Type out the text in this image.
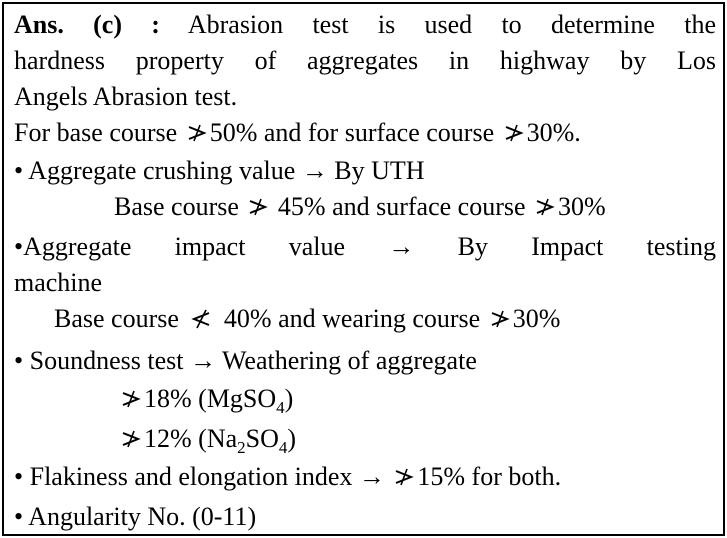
Ans. (c) : Abrasion test is used to determine the
hardness property of aggregates in highway by Los
Angels Abrasion test.
For base course 50% and for surface course 30%.
• Aggregate crushing value → By UTH
Base course 45% and surface course 30%
•Aggregate impact value → By Impact testing
machine
Base course 40% and wearing course 30%
• Soundness test → Weathering of aggregate
18% (MgSO$_4$)
12% $(Na_2SO_4)$
• Flakiness and elongation index → 15% for both.
• Angularity No. (0-11)
